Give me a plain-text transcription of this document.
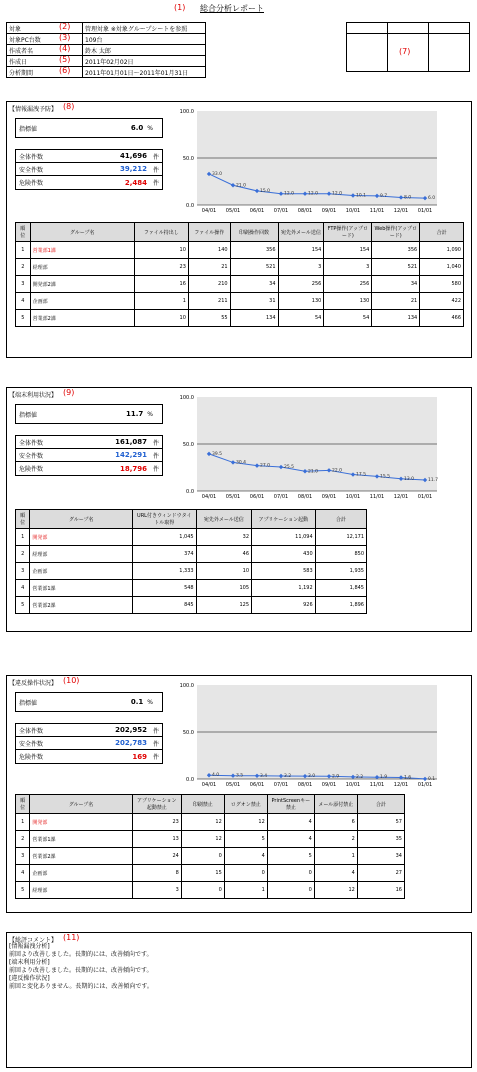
(1) 総合分析レポート
対象 (2)	管理対象 ※対象グループシートを参照
対象PC台数 (3)	109台
作成者名 (4)	鈴木 太郎
作成日 (5)	2011年02月02日
分析期間 (6)	2011年01月01日～2011年01月31日
(7)
【情報漏洩予防】 (8)
指標値	6.0 %
全体件数	41,696 件
安全件数	39,212 件
危険件数	2,484 件
0.0
50.0
100.0
33.0
04/01
21.0
05/01
15.0
06/01
12.0
07/01
12.0
08/01
12.0
09/01
10.1
10/01
9.7
11/01
8.0
12/01
6.0
01/01
順位	グループ名	ファイル持出し	ファイル操作	印刷操作回数	宛先外メール送信	FTP操作(アップロード)	Web操作(アップロード)	合計
1	営業部1課	10	140	356	154	154	356	1,090
2	経理部	23	21	521	3	3	521	1,040
3	開発部2課	16	210	34	256	256	34	580
4	企画部	1	211	31	130	130	21	422
5	営業部2課	10	55	134	54	54	134	466
【端末利用状況】 (9)
指標値	11.7 %
全体件数	161,087 件
安全件数	142,291 件
危険件数	18,796 件
0.0
50.0
100.0
39.5
04/01
30.4
05/01
27.0
06/01
25.5
07/01
21.0
08/01
22.0
09/01
17.5
10/01
15.5
11/01
13.0
12/01
11.7
01/01
順位	グループ名	URL付きウィンドウタイトル取得	宛先外メール送信	アプリケーション起動	合計
1	開発部	1,045	32	11,094	12,171
2	経理部	374	46	430	850
3	企画部	1,333	10	583	1,935
4	営業部1課	548	105	1,192	1,845
5	営業部2課	845	125	926	1,896
【違反操作状況】 (10)
指標値	0.1 %
全体件数	202,952 件
安全件数	202,783 件
危険件数	169 件
0.0
50.0
100.0
4.0
04/01
3.5
05/01
3.4
06/01
3.2
07/01
3.0
08/01
2.9
09/01
2.2
10/01
1.9
11/01
1.6
12/01
0.1
01/01
順位	グループ名	アプリケーション起動禁止	印刷禁止	ログオン禁止	PrintScreenキー禁止	メール添付禁止	合計
1	開発部	23	12	12	4	6	57
2	営業部1課	13	12	5	4	2	35
3	営業部2課	24	0	4	5	1	34
4	企画部	8	15	0	0	4	27
5	経理部	3	0	1	0	12	16
【総評コメント】 (11)
[情報漏洩分析]
前回より改善しました。長期的には、改善傾向です。
[端末利用分析]
前回より改善しました。長期的には、改善傾向です。
[違反操作状況]
前回と変化ありません。長期的には、改善傾向です。
